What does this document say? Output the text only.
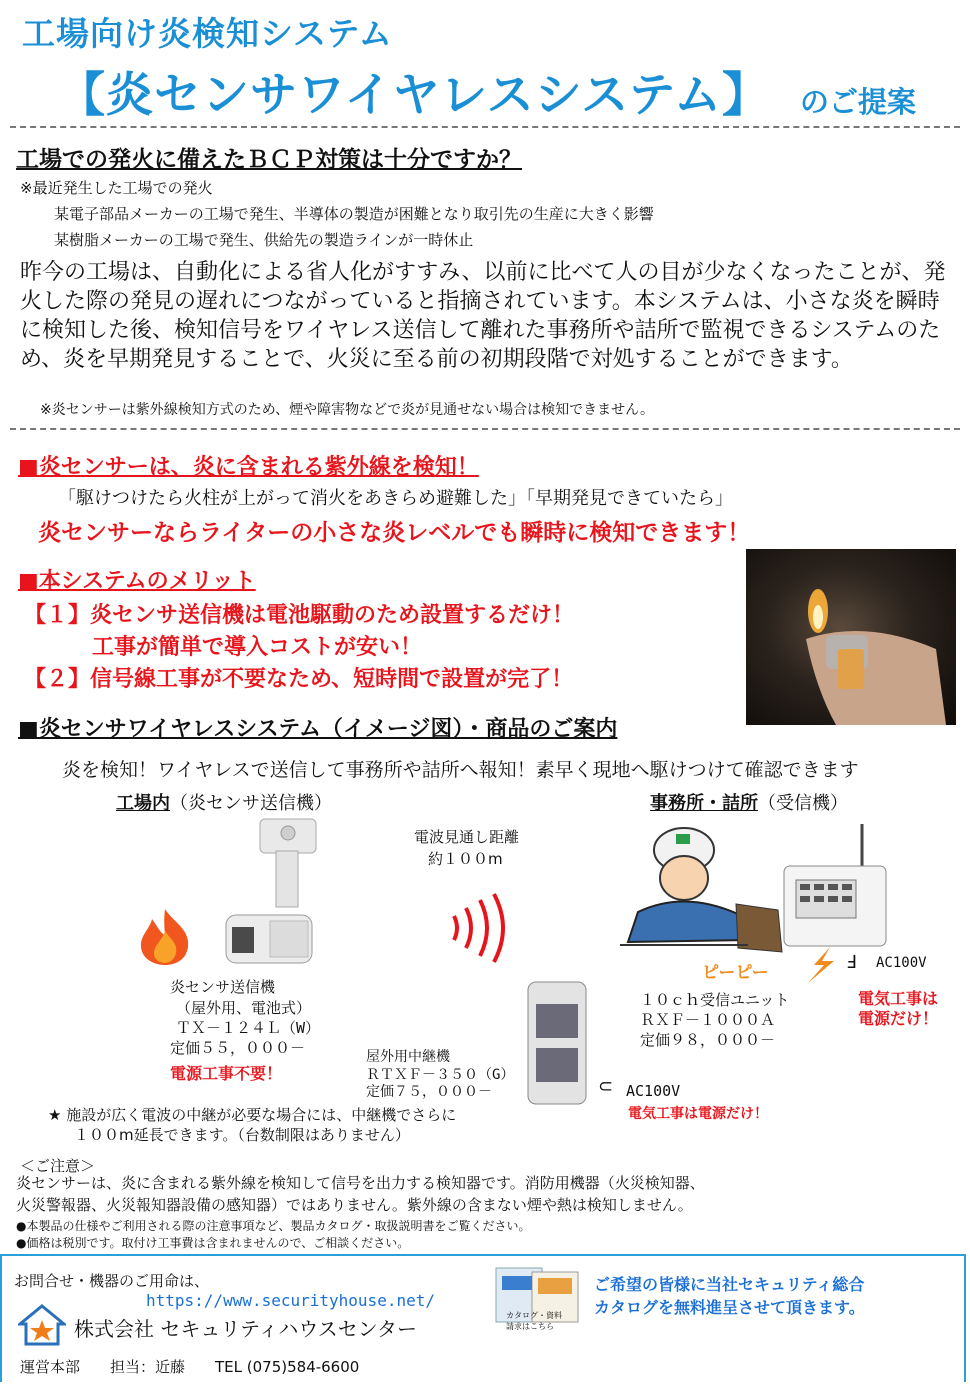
工場向け炎検知システム
【炎センサワイヤレスシステム】 のご提案
工場での発火に備えたＢＣＰ対策は十分ですか？
※最近発生した工場での発火
某電子部品メーカーの工場で発生、半導体の製造が困難となり取引先の生産に大きく影響
某樹脂メーカーの工場で発生、供給先の製造ラインが一時休止
昨今の工場は、自動化による省人化がすすみ、以前に比べて人の目が少なくなったことが、発火した際の発見の遅れにつながっていると指摘されています。本システムは、小さな炎を瞬時に検知した後、検知信号をワイヤレス送信して離れた事務所や詰所で監視できるシステムのため、炎を早期発見することで、火災に至る前の初期段階で対処することができます。
※炎センサーは紫外線検知方式のため、煙や障害物などで炎が見通せない場合は検知できません。
■炎センサーは、炎に含まれる紫外線を検知！
「駆けつけたら火柱が上がって消火をあきらめ避難した」「早期発見できていたら」
炎センサーならライターの小さな炎レベルでも瞬時に検知できます！
■本システムのメリット
【１】炎センサ送信機は電池駆動のため設置するだけ！
工事が簡単で導入コストが安い！
【２】信号線工事が不要なため、短時間で設置が完了！
■炎センサワイヤレスシステム（イメージ図）・商品のご案内
炎を検知！ワイヤレスで送信して事務所や詰所へ報知！素早く現地へ駆けつけて確認できます
工場内（炎センサ送信機）	事務所・詰所（受信機）
電波見通し距離
約１００m
ピーピー	Ⅎ AC100V
電気工事は
電源だけ！
１０ｃｈ受信ユニット
ＲＸＦ－１０００Ａ
定価９８，０００－
炎センサ送信機
（屋外用、電池式）
ＴＸ－１２４Ｌ（W）
定価５５，０００－
電源工事不要！
屋外用中継機
ＲＴＸＦ－３５０（G）
定価７５，０００－	⊂ AC100V
電気工事は電源だけ！
★ 施設が広く電波の中継が必要な場合には、中継機でさらに
１００m延長できます。（台数制限はありません）
＜ご注意＞
炎センサーは、炎に含まれる紫外線を検知して信号を出力する検知器です。消防用機器（火災検知器、
火災警報器、火災報知器設備の感知器）ではありません。紫外線の含まない煙や熱は検知しません。
●本製品の仕様やご利用される際の注意事項など、製品カタログ・取扱説明書をご覧ください。
●価格は税別です。取付け工事費は含まれませんので、ご相談ください。
お問合せ・機器のご用命は、
https://www.securityhouse.net/
株式会社 セキュリティハウスセンター
運営本部　　担当：近藤　　TEL (075)584-6600
カタログ・資料請求はこちら
ご希望の皆様に当社セキュリティ総合
カタログを無料進呈させて頂きます。
